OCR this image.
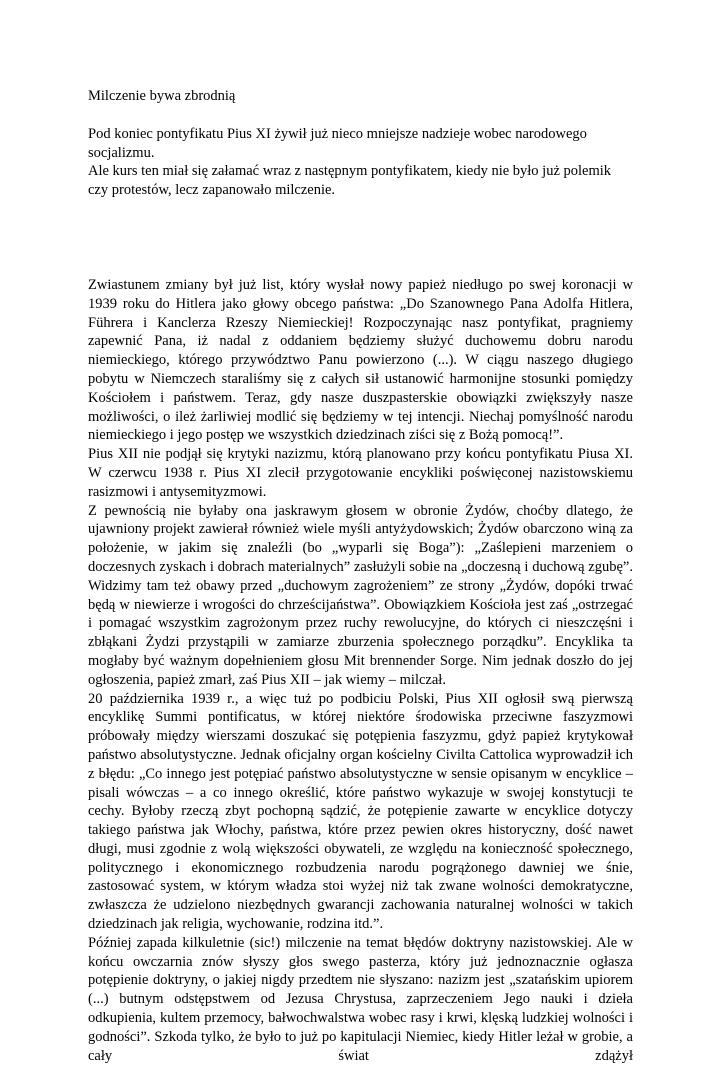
Milczenie bywa zbrodnią

Pod koniec pontyfikatu Pius XI żywił już nieco mniejsze nadzieje wobec narodowego socjalizmu.

Ale kurs ten miał się załamać wraz z następnym pontyfikatem, kiedy nie było już polemik czy protestów, lecz zapanowało milczenie.

Zwiastunem zmiany był już list, który wysłał nowy papież niedługo po swej koronacji w 1939 roku do Hitlera jako głowy obcego państwa: „Do Szanownego Pana Adolfa Hitlera, Führera i Kanclerza Rzeszy Niemieckiej! Rozpoczynając nasz pontyfikat, pragniemy zapewnić Pana, iż nadal z oddaniem będziemy służyć duchowemu dobru narodu niemieckiego, którego przywództwo Panu powierzono (...). W ciągu naszego długiego pobytu w Niemczech staraliśmy się z całych sił ustanowić harmonijne stosunki pomiędzy Kościołem i państwem. Teraz, gdy nasze duszpasterskie obowiązki zwiększyły nasze możliwości, o ileż żarliwiej modlić się będziemy w tej intencji. Niechaj pomyślność narodu niemieckiego i jego postęp we wszystkich dziedzinach ziści się z Bożą pomocą!”.

Pius XII nie podjął się krytyki nazizmu, którą planowano przy końcu pontyfikatu Piusa XI. W czerwcu 1938 r. Pius XI zlecił przygotowanie encykliki poświęconej nazistowskiemu rasizmowi i antysemityzmowi.

Z pewnością nie byłaby ona jaskrawym głosem w obronie Żydów, choćby dlatego, że ujawniony projekt zawierał również wiele myśli antyżydowskich; Żydów obarczono winą za położenie, w jakim się znaleźli (bo „wyparli się Boga”): „Zaślepieni marzeniem o doczesnych zyskach i dobrach materialnych” zasłużyli sobie na „doczesną i duchową zgubę”. Widzimy tam też obawy przed „duchowym zagrożeniem” ze strony „Żydów, dopóki trwać będą w niewierze i wrogości do chrześcijaństwa”. Obowiązkiem Kościoła jest zaś „ostrzegać i pomagać wszystkim zagrożonym przez ruchy rewolucyjne, do których ci nieszczęśni i zbłąkani Żydzi przystąpili w zamiarze zburzenia społecznego porządku”. Encyklika ta mogłaby być ważnym dopełnieniem głosu Mit brennender Sorge. Nim jednak doszło do jej ogłoszenia, papież zmarł, zaś Pius XII – jak wiemy – milczał.

20 października 1939 r., a więc tuż po podbiciu Polski, Pius XII ogłosił swą pierwszą encyklikę Summi pontificatus, w której niektóre środowiska przeciwne faszyzmowi próbowały między wierszami doszukać się potępienia faszyzmu, gdyż papież krytykował państwo absolutystyczne. Jednak oficjalny organ kościelny Civilta Cattolica wyprowadził ich z błędu: „Co innego jest potępiać państwo absolutystyczne w sensie opisanym w encyklice – pisali wówczas – a co innego określić, które państwo wykazuje w swojej konstytucji te cechy. Byłoby rzeczą zbyt pochopną sądzić, że potępienie zawarte w encyklice dotyczy takiego państwa jak Włochy, państwa, które przez pewien okres historyczny, dość nawet długi, musi zgodnie z wolą większości obywateli, ze względu na konieczność społecznego, politycznego i ekonomicznego rozbudzenia narodu pogrążonego dawniej we śnie, zastosować system, w którym władza stoi wyżej niż tak zwane wolności demokratyczne, zwłaszcza że udzielono niezbędnych gwarancji zachowania naturalnej wolności w takich dziedzinach jak religia, wychowanie, rodzina itd.”.

Później zapada kilkuletnie (sic!) milczenie na temat błędów doktryny nazistowskiej. Ale w końcu owczarnia znów słyszy głos swego pasterza, który już jednoznacznie ogłasza potępienie doktryny, o jakiej nigdy przedtem nie słyszano: nazizm jest „szatańskim upiorem (...) butnym odstępstwem od Jezusa Chrystusa, zaprzeczeniem Jego nauki i dzieła odkupienia, kultem przemocy, bałwochwalstwa wobec rasy i krwi, klęską ludzkiej wolności i godności”. Szkoda tylko, że było to już po kapitulacji Niemiec, kiedy Hitler leżał w grobie, a cały świat zdążył
